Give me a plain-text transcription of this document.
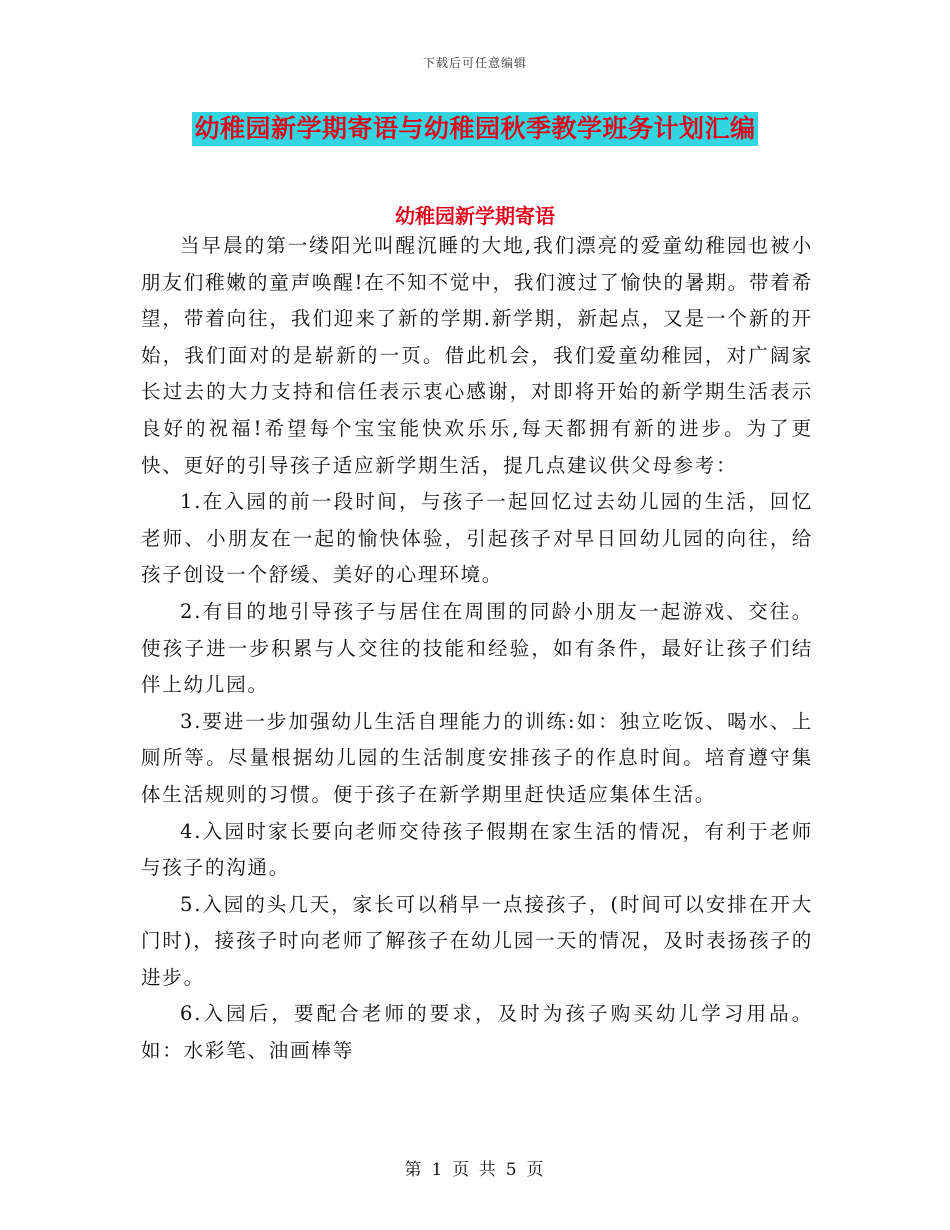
下载后可任意编辑
幼稚园新学期寄语与幼稚园秋季教学班务计划汇编
幼稚园新学期寄语

当早晨的第一缕阳光叫醒沉睡的大地,我们漂亮的爱童幼稚园也被小朋友们稚嫩的童声唤醒!在不知不觉中，我们渡过了愉快的暑期。带着希望，带着向往，我们迎来了新的学期.新学期，新起点，又是一个新的开始，我们面对的是崭新的一页。借此机会，我们爱童幼稚园，对广阔家长过去的大力支持和信任表示衷心感谢，对即将开始的新学期生活表示良好的祝福!希望每个宝宝能快欢乐乐,每天都拥有新的进步。为了更快、更好的引导孩子适应新学期生活，提几点建议供父母参考：

1.在入园的前一段时间，与孩子一起回忆过去幼儿园的生活，回忆老师、小朋友在一起的愉快体验，引起孩子对早日回幼儿园的向往，给孩子创设一个舒缓、美好的心理环境。

2.有目的地引导孩子与居住在周围的同龄小朋友一起游戏、交往。使孩子进一步积累与人交往的技能和经验，如有条件，最好让孩子们结伴上幼儿园。

3.要进一步加强幼儿生活自理能力的训练:如：独立吃饭、喝水、上厕所等。尽量根据幼儿园的生活制度安排孩子的作息时间。培育遵守集体生活规则的习惯。便于孩子在新学期里赶快适应集体生活。

4.入园时家长要向老师交待孩子假期在家生活的情况，有利于老师与孩子的沟通。

5.入园的头几天，家长可以稍早一点接孩子，(时间可以安排在开大门时)，接孩子时向老师了解孩子在幼儿园一天的情况，及时表扬孩子的进步。

6.入园后，要配合老师的要求，及时为孩子购买幼儿学习用品。如：水彩笔、油画棒等

第 1 页 共 5 页
